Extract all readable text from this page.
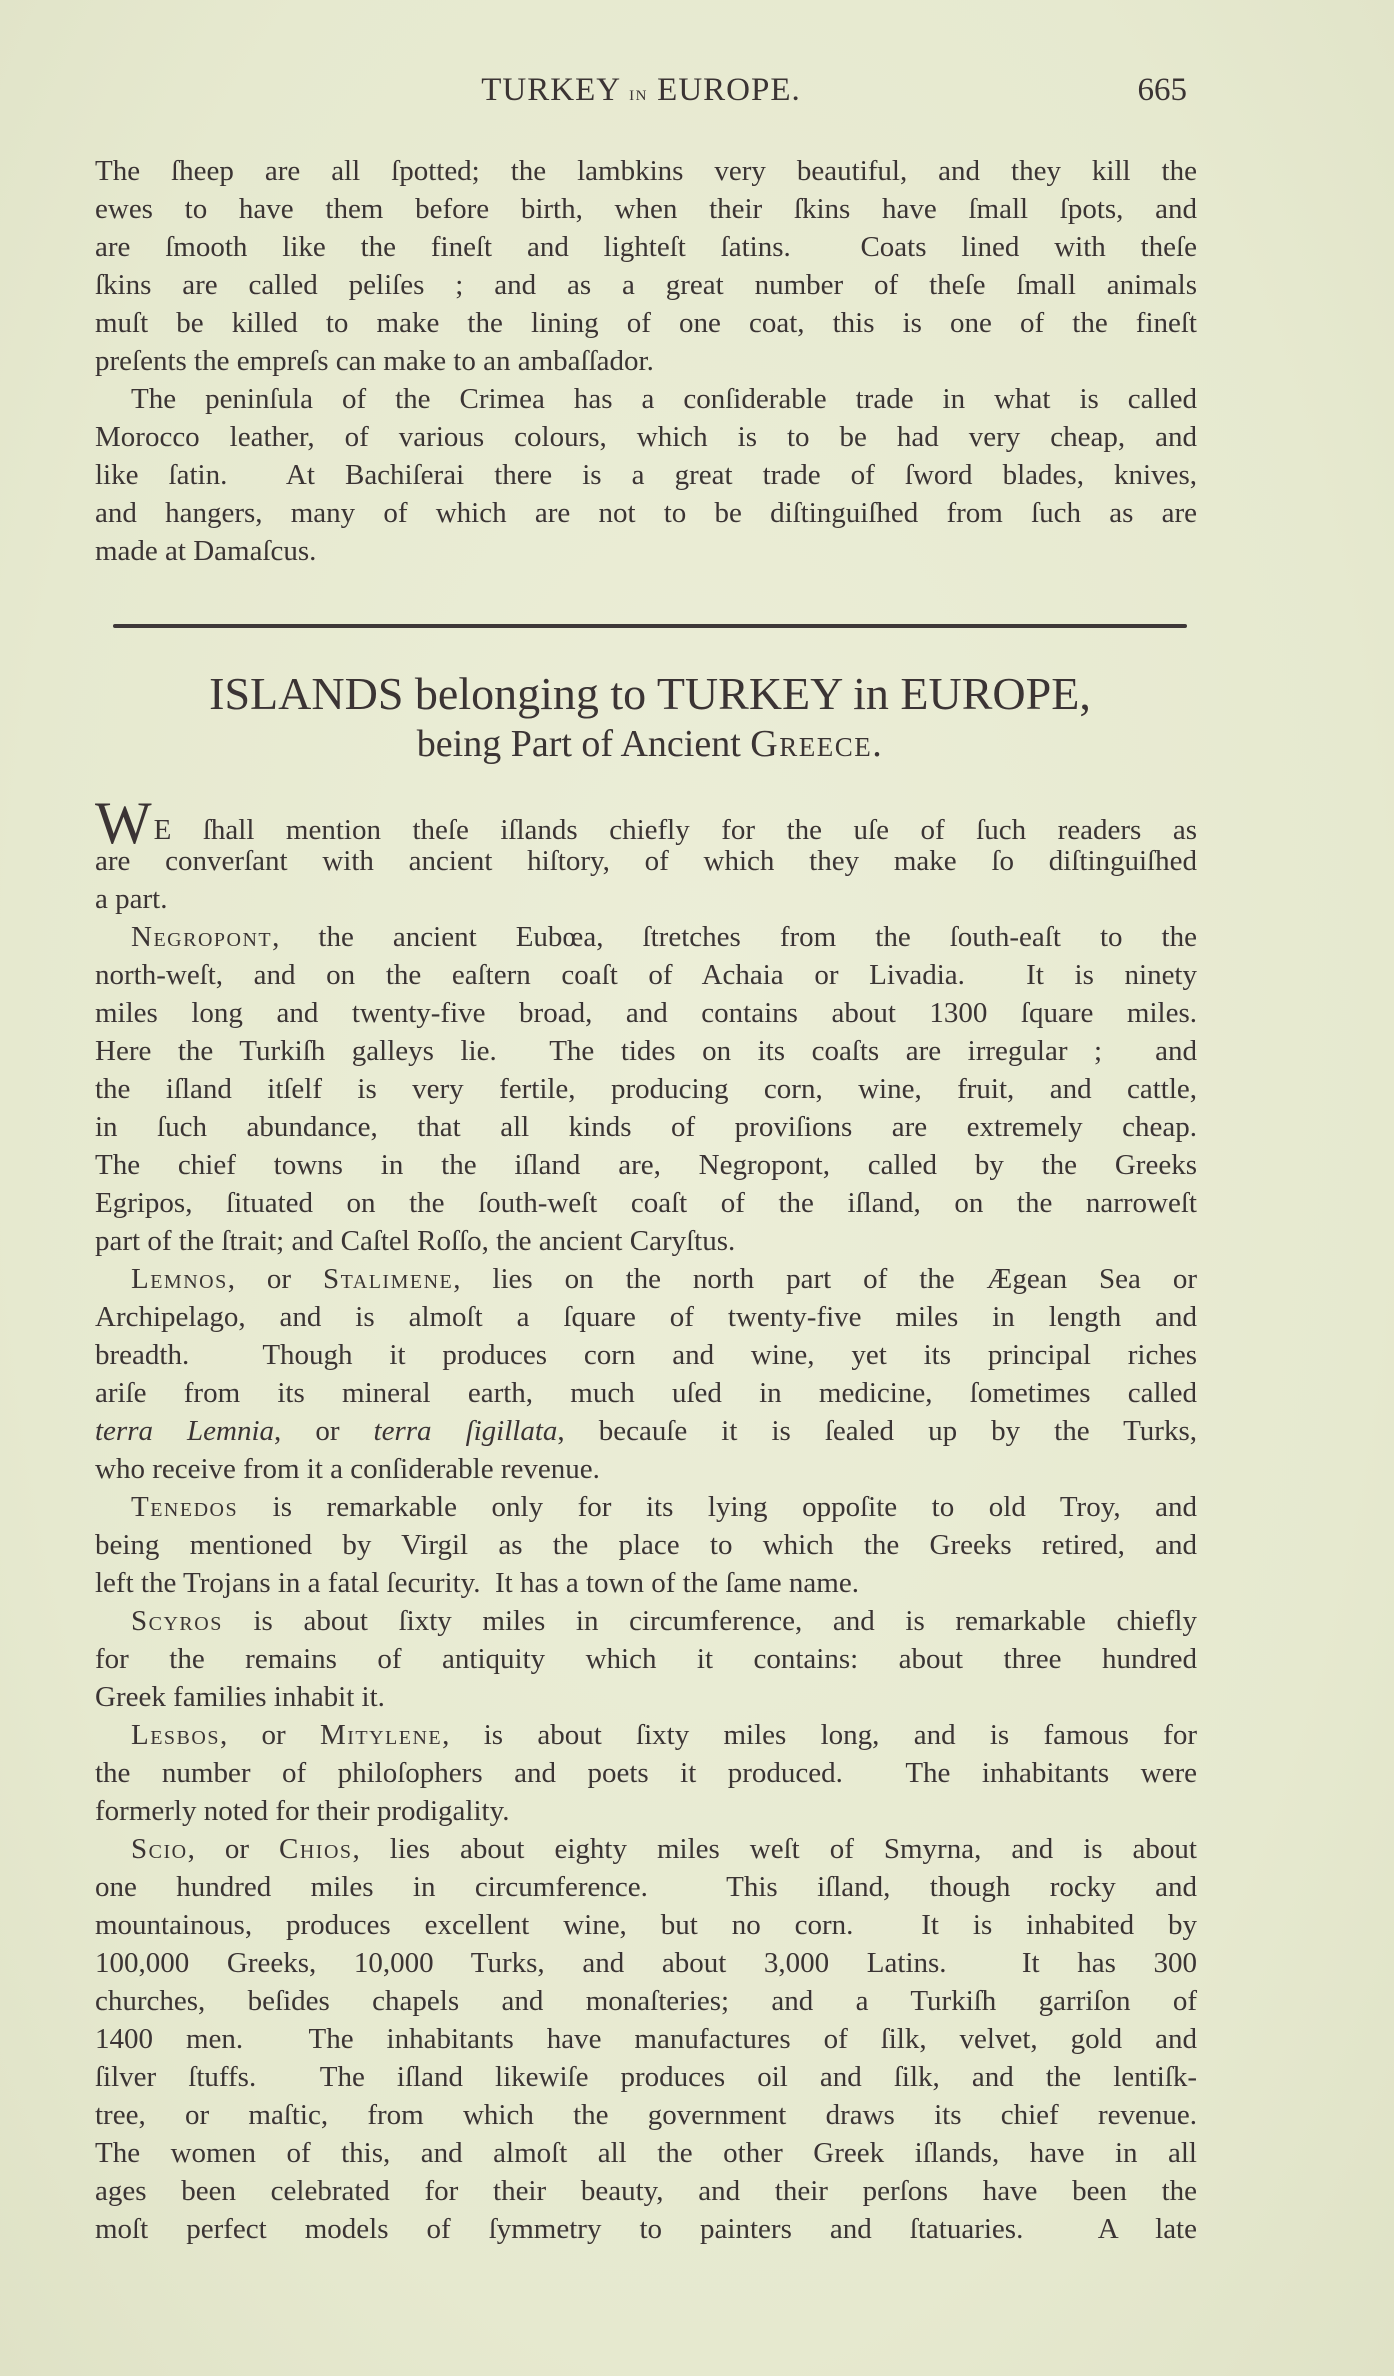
TURKEY in EUROPE.	665
The ſheep are all ſpotted; the lambkins very beautiful, and they kill the
ewes to have them before birth, when their ſkins have ſmall ſpots, and
are ſmooth like the fineſt and lighteſt ſatins.  Coats lined with theſe
ſkins are called peliſes ; and as a great number of theſe ſmall animals
muſt be killed to make the lining of one coat, this is one of the fineſt
preſents the empreſs can make to an ambaſſador.
The peninſula of the Crimea has a conſiderable trade in what is called
Morocco leather, of various colours, which is to be had very cheap, and
like ſatin.  At Bachiſerai there is a great trade of ſword blades, knives,
and hangers, many of which are not to be diſtinguiſhed from ſuch as are
made at Damaſcus.
ISLANDS belonging to TURKEY in EUROPE,
being Part of Ancient Greece.
WE ſhall mention theſe iſlands chiefly for the uſe of ſuch readers as
are converſant with ancient hiſtory, of which they make ſo diſtinguiſhed
a part.
Negropont, the ancient Eubœa, ſtretches from the ſouth-eaſt to the
north-weſt, and on the eaſtern coaſt of Achaia or Livadia.  It is ninety
miles long and twenty-five broad, and contains about 1300 ſquare miles.
Here the Turkiſh galleys lie.  The tides on its coaſts are irregular ;  and
the iſland itſelf is very fertile, producing corn, wine, fruit, and cattle,
in ſuch abundance, that all kinds of proviſions are extremely cheap.
The chief towns in the iſland are, Negropont, called by the Greeks
Egripos, ſituated on the ſouth-weſt coaſt of the iſland, on the narroweſt
part of the ſtrait; and Caſtel Roſſo, the ancient Caryſtus.
Lemnos, or Stalimene, lies on the north part of the Ægean Sea or
Archipelago, and is almoſt a ſquare of twenty-five miles in length and
breadth.  Though it produces corn and wine, yet its principal riches
ariſe from its mineral earth, much uſed in medicine, ſometimes called
terra Lemnia, or terra ſigillata, becauſe it is ſealed up by the Turks,
who receive from it a conſiderable revenue.
Tenedos is remarkable only for its lying oppoſite to old Troy, and
being mentioned by Virgil as the place to which the Greeks retired, and
left the Trojans in a fatal ſecurity.  It has a town of the ſame name.
Scyros is about ſixty miles in circumference, and is remarkable chiefly
for the remains of antiquity which it contains: about three hundred
Greek families inhabit it.
Lesbos, or Mitylene, is about ſixty miles long, and is famous for
the number of philoſophers and poets it produced.  The inhabitants were
formerly noted for their prodigality.
Scio, or Chios, lies about eighty miles weſt of Smyrna, and is about
one hundred miles in circumference.  This iſland, though rocky and
mountainous, produces excellent wine, but no corn.  It is inhabited by
100,000 Greeks, 10,000 Turks, and about 3,000 Latins.  It has 300
churches, beſides chapels and monaſteries; and a Turkiſh garriſon of
1400 men.  The inhabitants have manufactures of ſilk, velvet, gold and
ſilver ſtuffs.  The iſland likewiſe produces oil and ſilk, and the lentiſk-
tree, or maſtic, from which the government draws its chief revenue.
The women of this, and almoſt all the other Greek iſlands, have in all
ages been celebrated for their beauty, and their perſons have been the
moſt perfect models of ſymmetry to painters and ſtatuaries.  A late
